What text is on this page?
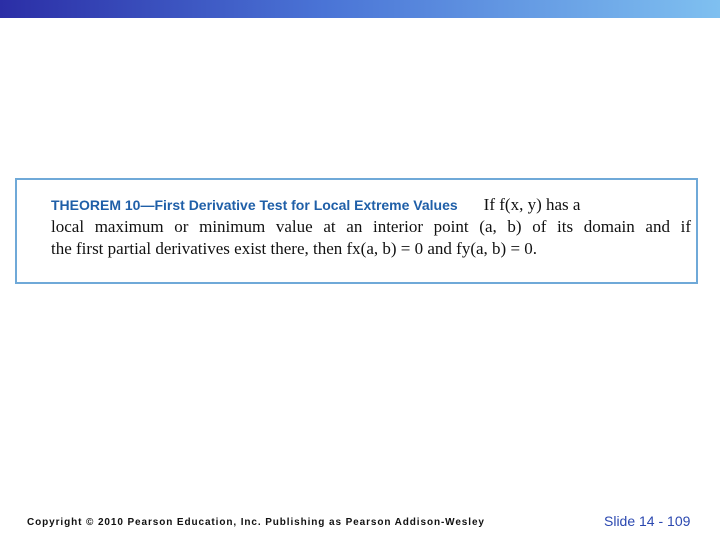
THEOREM 10—First Derivative Test for Local Extreme Values If f(x, y) has a
local maximum or minimum value at an interior point (a, b) of its domain and if
the first partial derivatives exist there, then fx(a, b) = 0 and fy(a, b) = 0.
Copyright © 2010 Pearson Education, Inc. Publishing as Pearson Addison-Wesley	Slide 14 - 109
